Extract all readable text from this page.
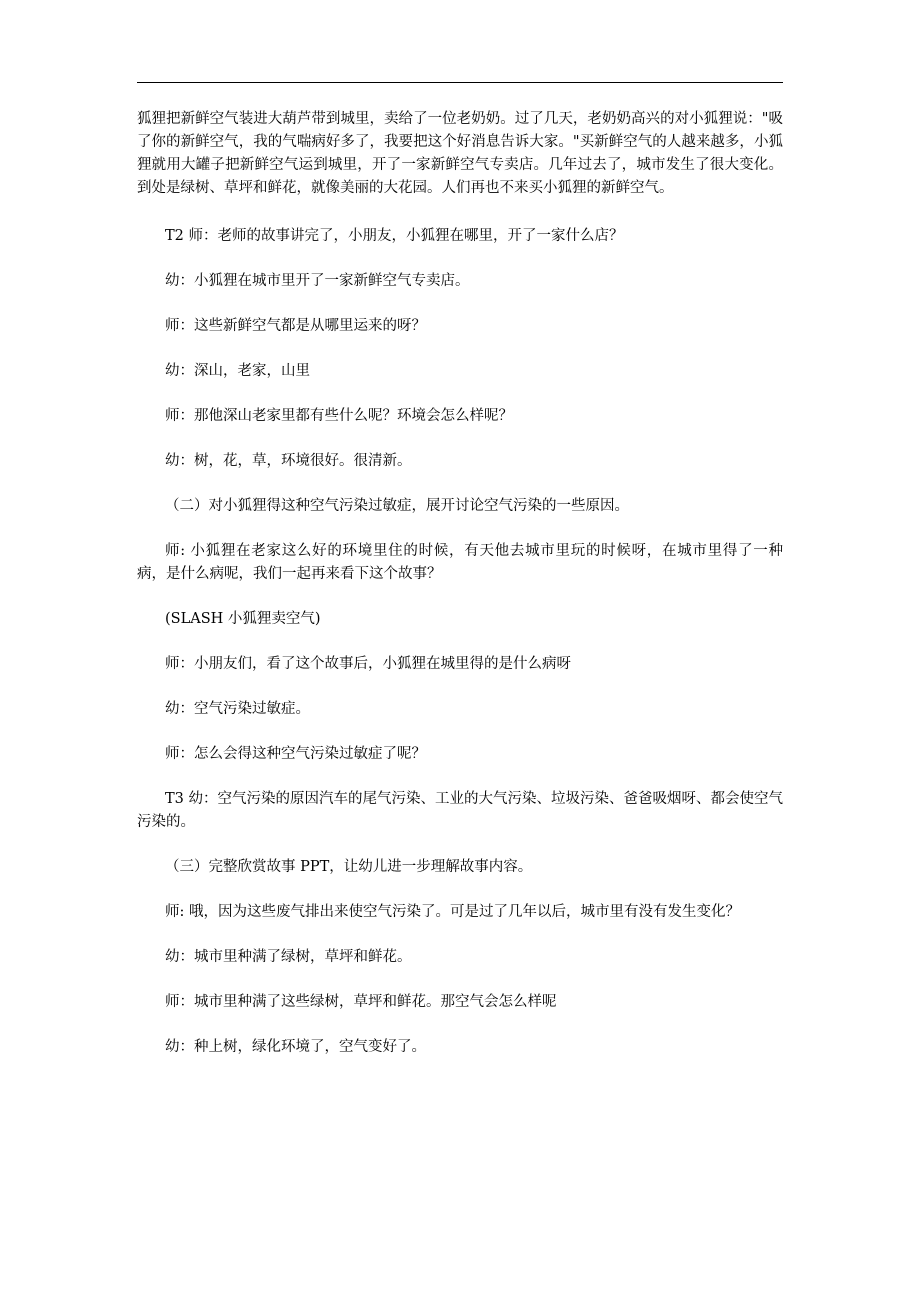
狐狸把新鲜空气装进大葫芦带到城里，卖给了一位老奶奶。过了几天，老奶奶高兴的对小狐狸说："吸了你的新鲜空气，我的气喘病好多了，我要把这个好消息告诉大家。"买新鲜空气的人越来越多，小狐狸就用大罐子把新鲜空气运到城里，开了一家新鲜空气专卖店。几年过去了，城市发生了很大变化。到处是绿树、草坪和鲜花，就像美丽的大花园。人们再也不来买小狐狸的新鲜空气。

T2 师：老师的故事讲完了，小朋友，小狐狸在哪里，开了一家什么店？

幼：小狐狸在城市里开了一家新鲜空气专卖店。

师：这些新鲜空气都是从哪里运来的呀？

幼：深山，老家，山里

师：那他深山老家里都有些什么呢？环境会怎么样呢？

幼：树，花，草，环境很好。很清新。

（二）对小狐狸得这种空气污染过敏症，展开讨论空气污染的一些原因。

师: 小狐狸在老家这么好的环境里住的时候，有天他去城市里玩的时候呀，在城市里得了一种病，是什么病呢，我们一起再来看下这个故事？

(SLASH 小狐狸卖空气)

师：小朋友们，看了这个故事后，小狐狸在城里得的是什么病呀

幼：空气污染过敏症。

师：怎么会得这种空气污染过敏症了呢？

T3 幼：空气污染的原因汽车的尾气污染、工业的大气污染、垃圾污染、爸爸吸烟呀、都会使空气污染的。

（三）完整欣赏故事 PPT，让幼儿进一步理解故事内容。

师: 哦，因为这些废气排出来使空气污染了。可是过了几年以后，城市里有没有发生变化？

幼：城市里种满了绿树，草坪和鲜花。

师：城市里种满了这些绿树，草坪和鲜花。那空气会怎么样呢

幼：种上树，绿化环境了，空气变好了。
